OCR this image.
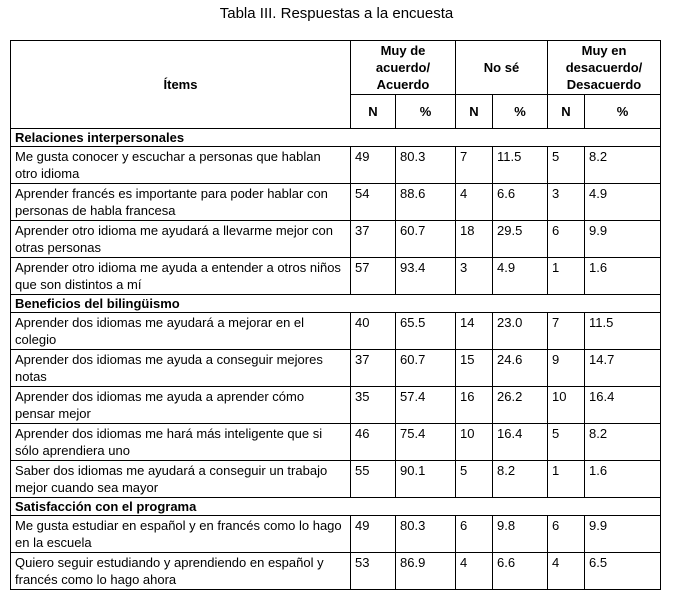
Tabla III. Respuestas a la encuesta
Ítems	Muy de acuerdo/ Acuerdo		No sé		Muy en desacuerdo/ Desacuerdo	
	N	%	N	%	N	%
Relaciones interpersonales						
Me gusta conocer y escuchar a personas que hablan otro idioma	49	80.3	7	11.5	5	8.2
Aprender francés es importante para poder hablar con personas de habla francesa	54	88.6	4	6.6	3	4.9
Aprender otro idioma me ayudará a llevarme mejor con otras personas	37	60.7	18	29.5	6	9.9
Aprender otro idioma me ayuda a entender a otros niños que son distintos a mí	57	93.4	3	4.9	1	1.6
Beneficios del bilingüismo						
Aprender dos idiomas me ayudará a mejorar en el colegio	40	65.5	14	23.0	7	11.5
Aprender dos idiomas me ayuda a conseguir mejores notas	37	60.7	15	24.6	9	14.7
Aprender dos idiomas me ayuda a aprender cómo pensar mejor	35	57.4	16	26.2	10	16.4
Aprender dos idiomas me hará más inteligente que si sólo aprendiera uno	46	75.4	10	16.4	5	8.2
Saber dos idiomas me ayudará a conseguir un trabajo mejor cuando sea mayor	55	90.1	5	8.2	1	1.6
Satisfacción con el programa						
Me gusta estudiar en español y en francés como lo hago en la escuela	49	80.3	6	9.8	6	9.9
Quiero seguir estudiando y aprendiendo en español y francés como lo hago ahora	53	86.9	4	6.6	4	6.5
